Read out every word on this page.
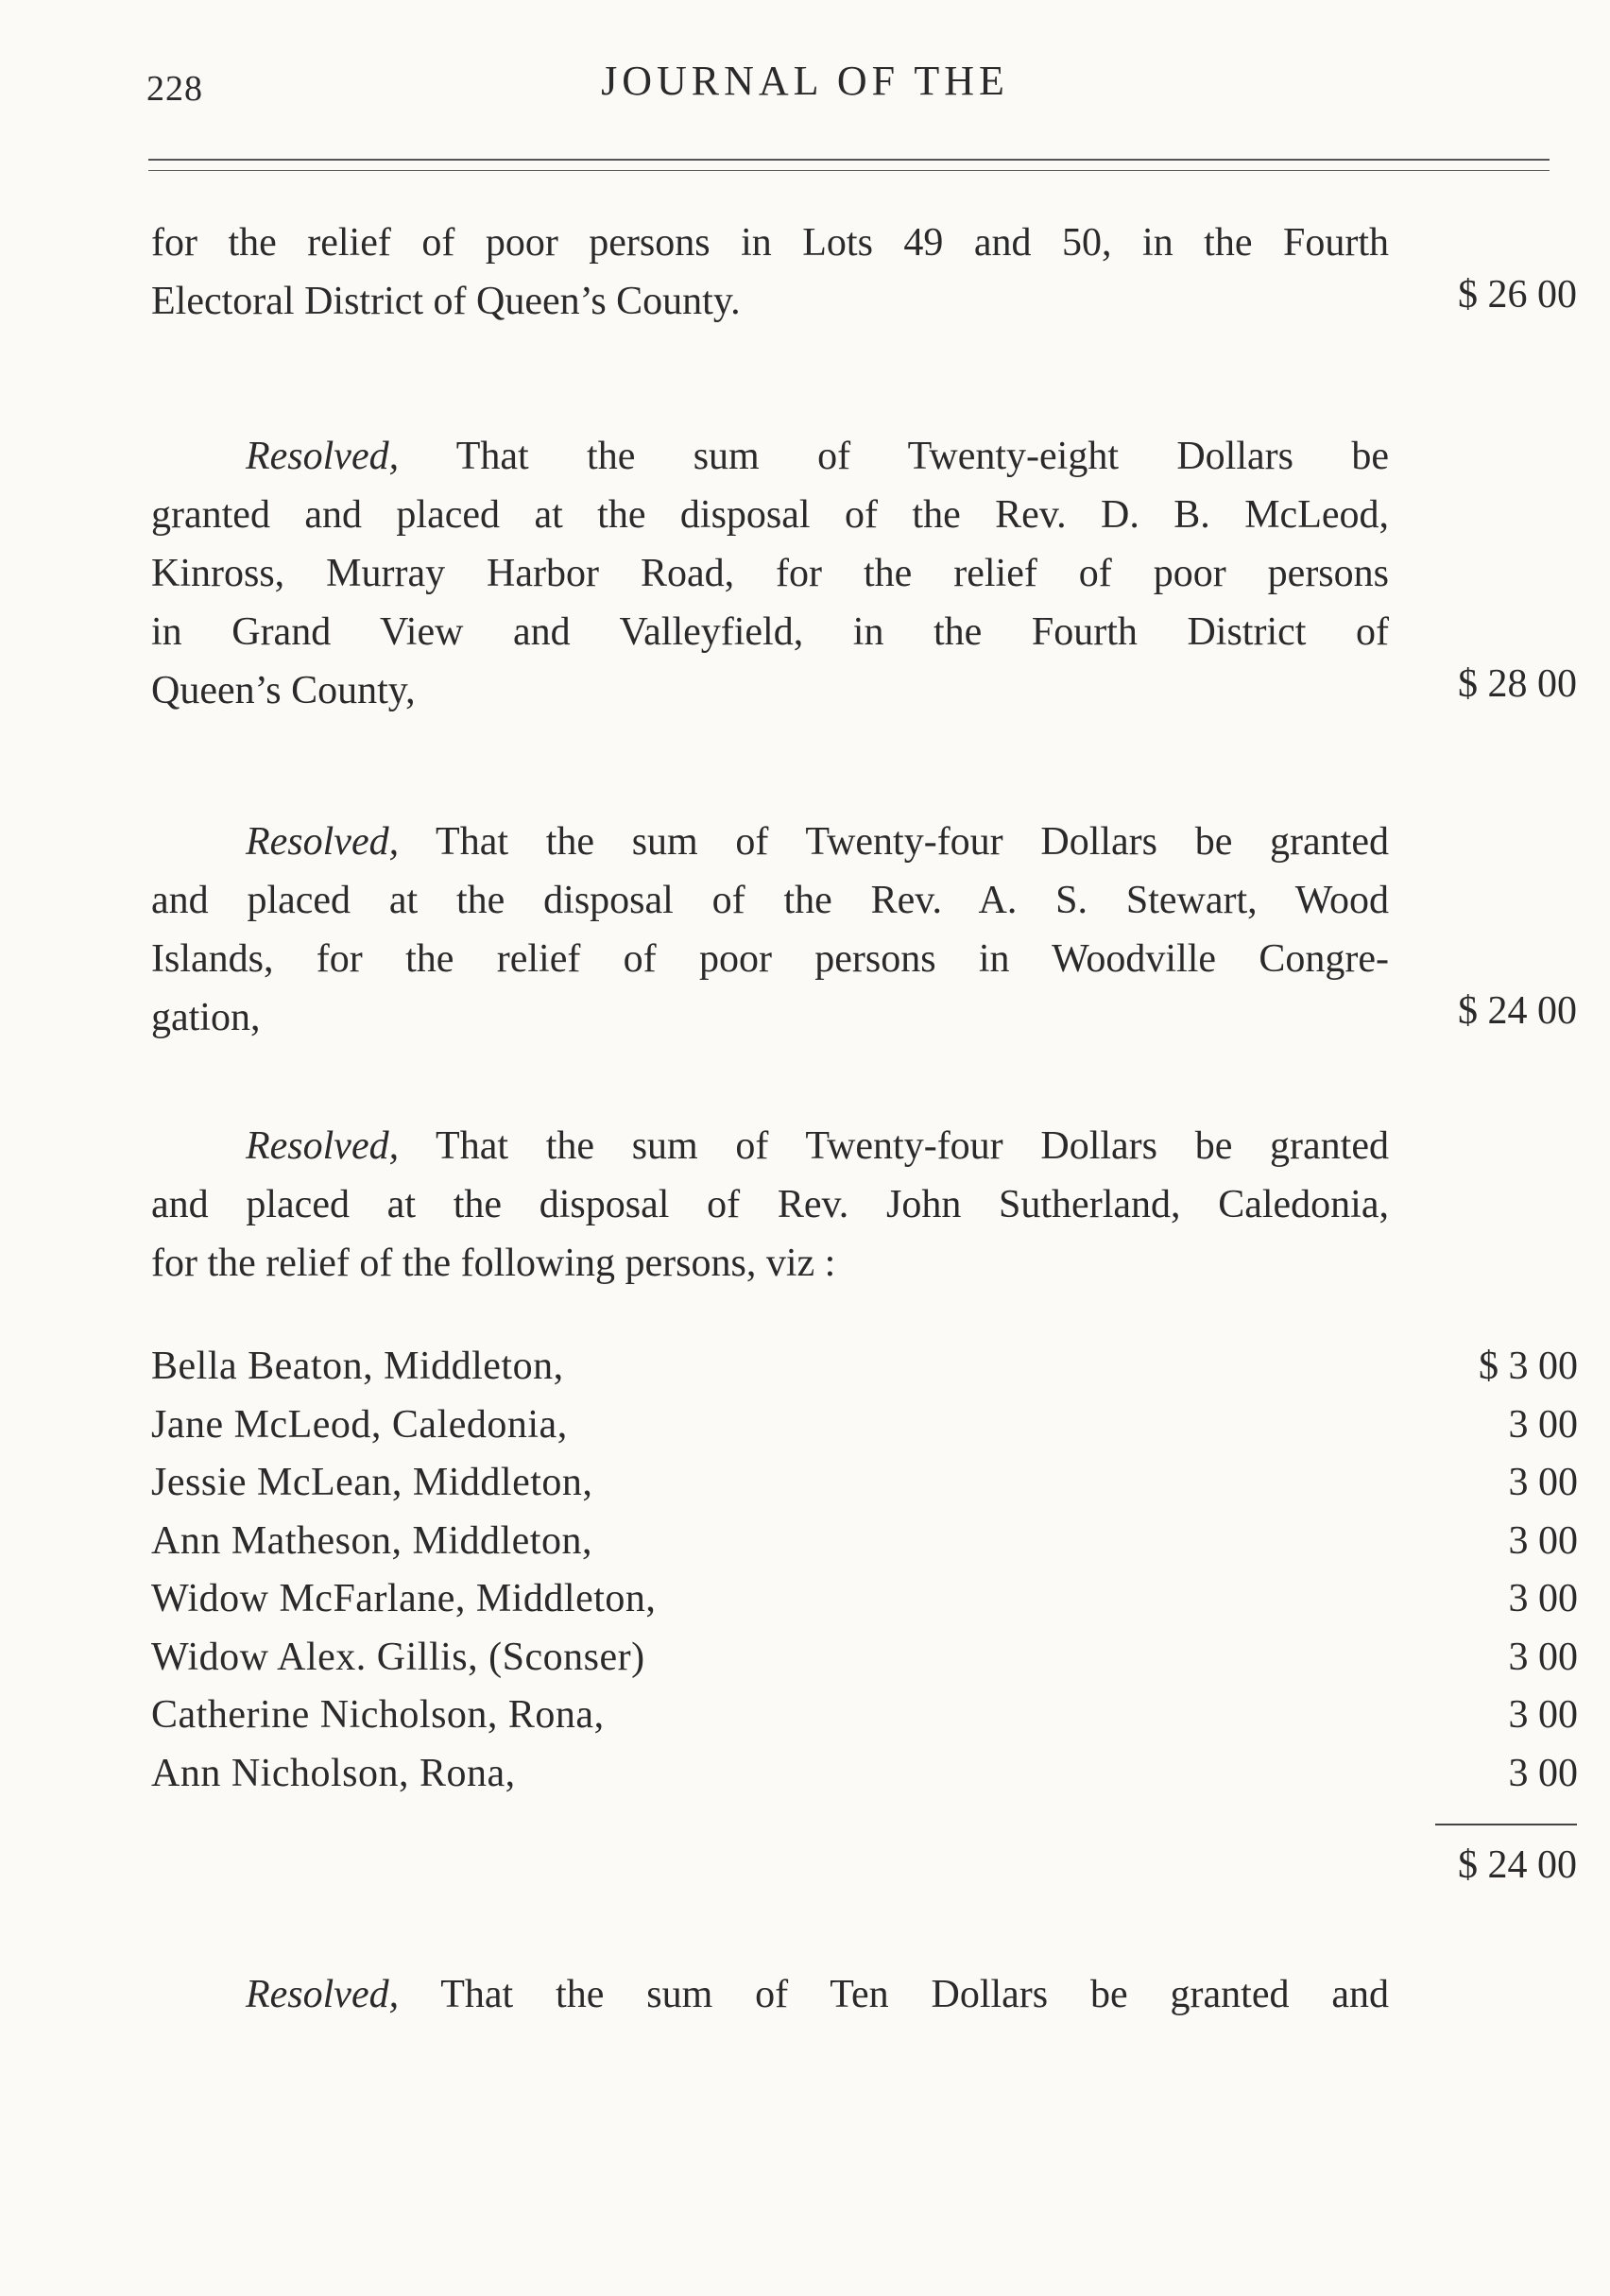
228	JOURNAL OF THE
for the relief of poor persons in Lots 49 and 50, in the Fourth
Electoral District of Queen’s County.	$ 26 00
Resolved, That the sum of Twenty-eight Dollars be
granted and placed at the disposal of the Rev. D. B. McLeod,
Kinross, Murray Harbor Road, for the relief of poor persons
in Grand View and Valleyfield, in the Fourth District of
Queen’s County,	$ 28 00
Resolved, That the sum of Twenty-four Dollars be granted
and placed at the disposal of the Rev. A. S. Stewart, Wood
Islands, for the relief of poor persons in Woodville Congre-
gation,	$ 24 00
Resolved, That the sum of Twenty-four Dollars be granted
and placed at the disposal of Rev. John Sutherland, Caledonia,
for the relief of the following persons, viz :
Bella Beaton, Middleton,	$ 3 00
Jane McLeod, Caledonia,	3 00
Jessie McLean, Middleton,	3 00
Ann Matheson, Middleton,	3 00
Widow McFarlane, Middleton,	3 00
Widow Alex. Gillis, (Sconser)	3 00
Catherine Nicholson, Rona,	3 00
Ann Nicholson, Rona,	3 00
$ 24 00
Resolved, That the sum of Ten Dollars be granted and
